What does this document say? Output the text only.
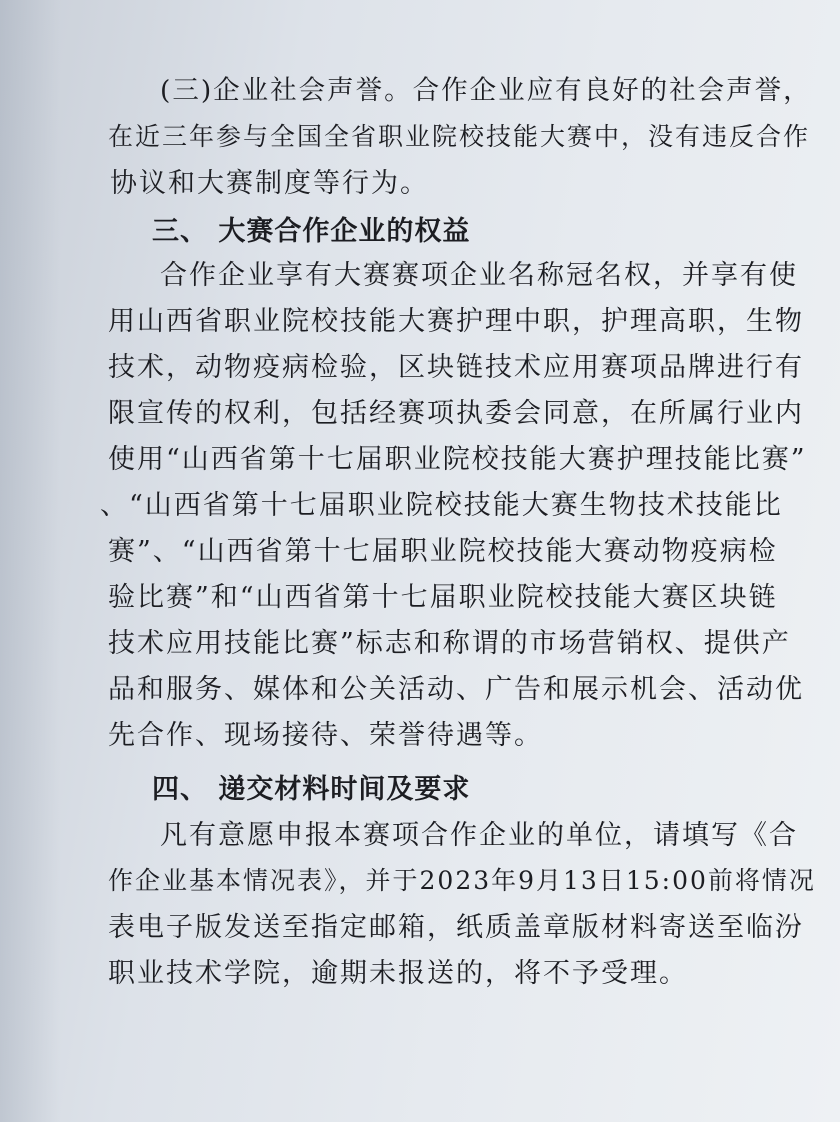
(三)企业社会声誉。合作企业应有良好的社会声誉，
在近三年参与全国全省职业院校技能大赛中，没有违反合作
协议和大赛制度等行为。
三、 大赛合作企业的权益
合作企业享有大赛赛项企业名称冠名权，并享有使
用山西省职业院校技能大赛护理中职，护理高职，生物
技术，动物疫病检验，区块链技术应用赛项品牌进行有
限宣传的权利，包括经赛项执委会同意，在所属行业内
使用“山西省第十七届职业院校技能大赛护理技能比赛”
、“山西省第十七届职业院校技能大赛生物技术技能比
赛”、“山西省第十七届职业院校技能大赛动物疫病检
验比赛”和“山西省第十七届职业院校技能大赛区块链
技术应用技能比赛”标志和称谓的市场营销权、提供产
品和服务、媒体和公关活动、广告和展示机会、活动优
先合作、现场接待、荣誉待遇等。
四、 递交材料时间及要求
凡有意愿申报本赛项合作企业的单位，请填写《合
作企业基本情况表》，并于2023年9月13日15:00前将情况
表电子版发送至指定邮箱，纸质盖章版材料寄送至临汾
职业技术学院，逾期未报送的，将不予受理。
